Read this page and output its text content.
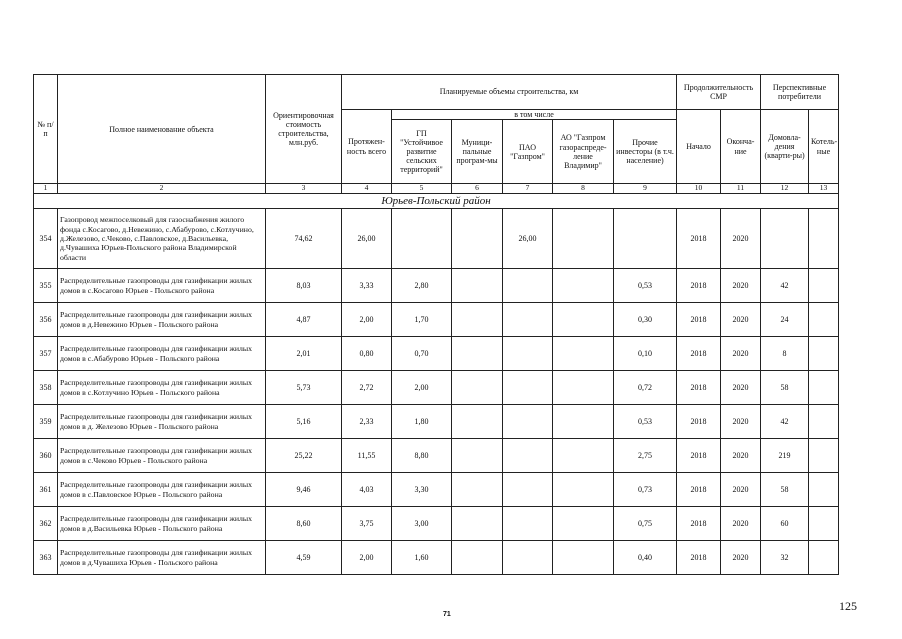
№ п/п	Полное наименование объекта	Ориентировочная стоимость строительства, млн.руб.	Планируемые объемы строительства, км						Продолжительность СМР		Перспективные потребители	
			Протяжен-ность всего	в том числе					Начало	Оконча-ние	Домовла-дения (кварти-ры)	Котель-ные
				ГП "Устойчивое развитие сельских территорий"	Муници-пальные програм-мы	ПАО "Газпром"	АО "Газпром газораспреде-ление Владимир"	Прочие инвесторы (в т.ч. население)				
1	2	3	4	5	6	7	8	9	10	11	12	13
Юрьев-Польский район												
354	Газопровод межпоселковый для газоснабжения жилого фонда с.Косагово, д.Невежино, с.Абабурово, с.Котлучино, д.Железово, с.Чеково, с.Павловское, д.Васильевка, д.Чувашиха Юрьев-Польского района Владимирской области	74,62	26,00			26,00			2018	2020		
355	Распределительные газопроводы для газификации жилых домов в с.Косагово Юрьев - Польского района	8,03	3,33	2,80				0,53	2018	2020	42	
356	Распределительные газопроводы для газификации жилых домов в д.Невежино Юрьев - Польского района	4,87	2,00	1,70				0,30	2018	2020	24	
357	Распределительные газопроводы для газификации жилых домов в с.Абабурово Юрьев - Польского района	2,01	0,80	0,70				0,10	2018	2020	8	
358	Распределительные газопроводы для газификации жилых домов в с.Котлучино Юрьев - Польского района	5,73	2,72	2,00				0,72	2018	2020	58	
359	Распределительные газопроводы для газификации жилых домов в д. Железово Юрьев - Польского района	5,16	2,33	1,80				0,53	2018	2020	42	
360	Распределительные газопроводы для газификации жилых домов в с.Чеково Юрьев - Польского района	25,22	11,55	8,80				2,75	2018	2020	219	
361	Распределительные газопроводы для газификации жилых домов в с.Павловское Юрьев - Польского района	9,46	4,03	3,30				0,73	2018	2020	58	
362	Распределительные газопроводы для газификации жилых домов в д.Васильевка Юрьев - Польского района	8,60	3,75	3,00				0,75	2018	2020	60	
363	Распределительные газопроводы для газификации жилых домов в д.Чувашиха Юрьев - Польского района	4,59	2,00	1,60				0,40	2018	2020	32	
71
125
